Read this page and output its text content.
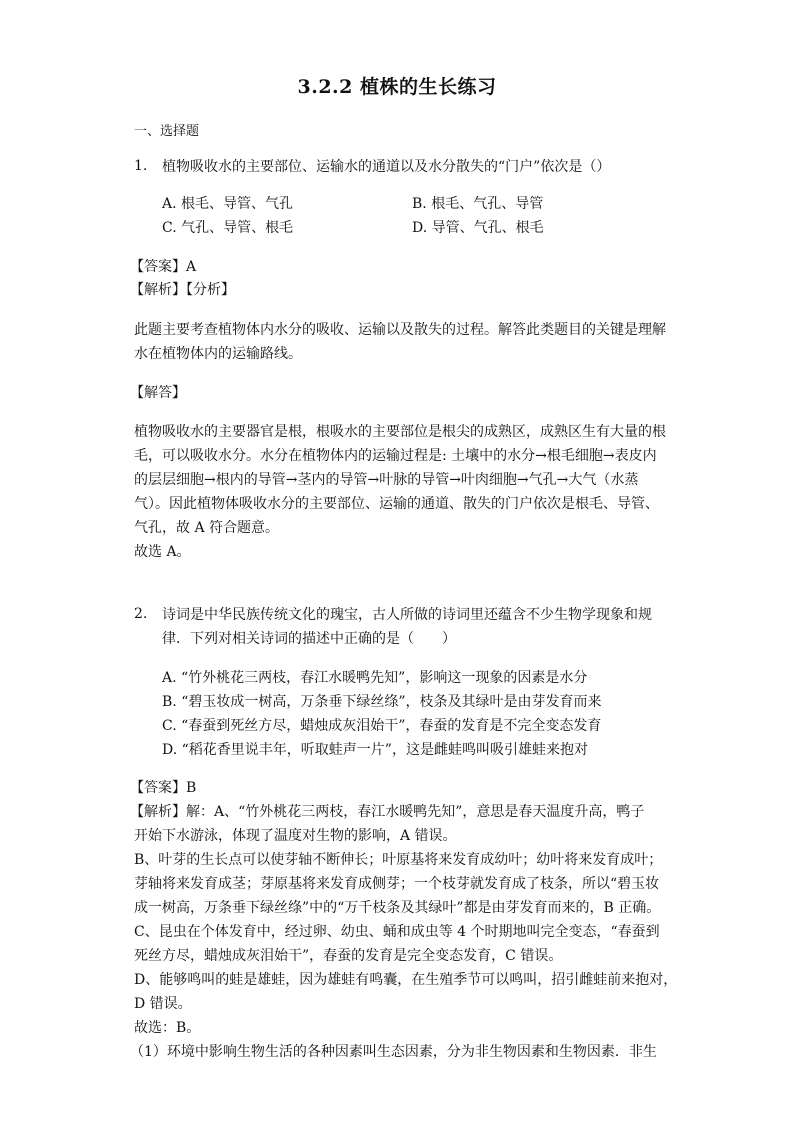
3.2.2 植株的生长练习
一、选择题
1. 植物吸收水的主要部位、运输水的通道以及水分散失的“门户”依次是（）
A. 根毛、导管、气孔	B. 根毛、气孔、导管
C. 气孔、导管、根毛	D. 导管、气孔、根毛
【答案】A
【解析】【分析】
此题主要考查植物体内水分的吸收、运输以及散失的过程。解答此类题目的关键是理解
水在植物体内的运输路线。
【解答】
植物吸收水的主要器官是根，根吸水的主要部位是根尖的成熟区，成熟区生有大量的根
毛，可以吸收水分。水分在植物体内的运输过程是: 土壤中的水分→根毛细胞→表皮内
的层层细胞→根内的导管→茎内的导管→叶脉的导管→叶肉细胞→气孔→大气（水蒸
气）。因此植物体吸收水分的主要部位、运输的通道、散失的门户依次是根毛、导管、
气孔，故 A 符合题意。
故选 A。
2. 诗词是中华民族传统文化的瑰宝，古人所做的诗词里还蕴含不少生物学现象和规
律．下列对相关诗词的描述中正确的是（　　）
A. “竹外桃花三两枝，春江水暖鸭先知”，影响这一现象的因素是水分
B. “碧玉妆成一树高，万条垂下绿丝绦”，枝条及其绿叶是由芽发育而来
C. “春蚕到死丝方尽，蜡烛成灰泪始干”，春蚕的发育是不完全变态发育
D. “稻花香里说丰年，听取蛙声一片”，这是雌蛙鸣叫吸引雄蛙来抱对
【答案】B
【解析】解：A、“竹外桃花三两枝，春江水暖鸭先知”，意思是春天温度升高，鸭子
开始下水游泳，体现了温度对生物的影响，A 错误。
B、叶芽的生长点可以使芽轴不断伸长；叶原基将来发育成幼叶；幼叶将来发育成叶；
芽轴将来发育成茎；芽原基将来发育成侧芽；一个枝芽就发育成了枝条，所以“碧玉妆
成一树高，万条垂下绿丝绦”中的“万千枝条及其绿叶”都是由芽发育而来的，B 正确。
C、昆虫在个体发育中，经过卵、幼虫、蛹和成虫等 4 个时期地叫完全变态，“春蚕到
死丝方尽，蜡烛成灰泪始干”，春蚕的发育是完全变态发育，C 错误。
D、能够鸣叫的蛙是雄蛙，因为雄蛙有鸣囊，在生殖季节可以鸣叫，招引雌蛙前来抱对，
D 错误。
故选：B。
（1）环境中影响生物生活的各种因素叫生态因素，分为非生物因素和生物因素．非生
